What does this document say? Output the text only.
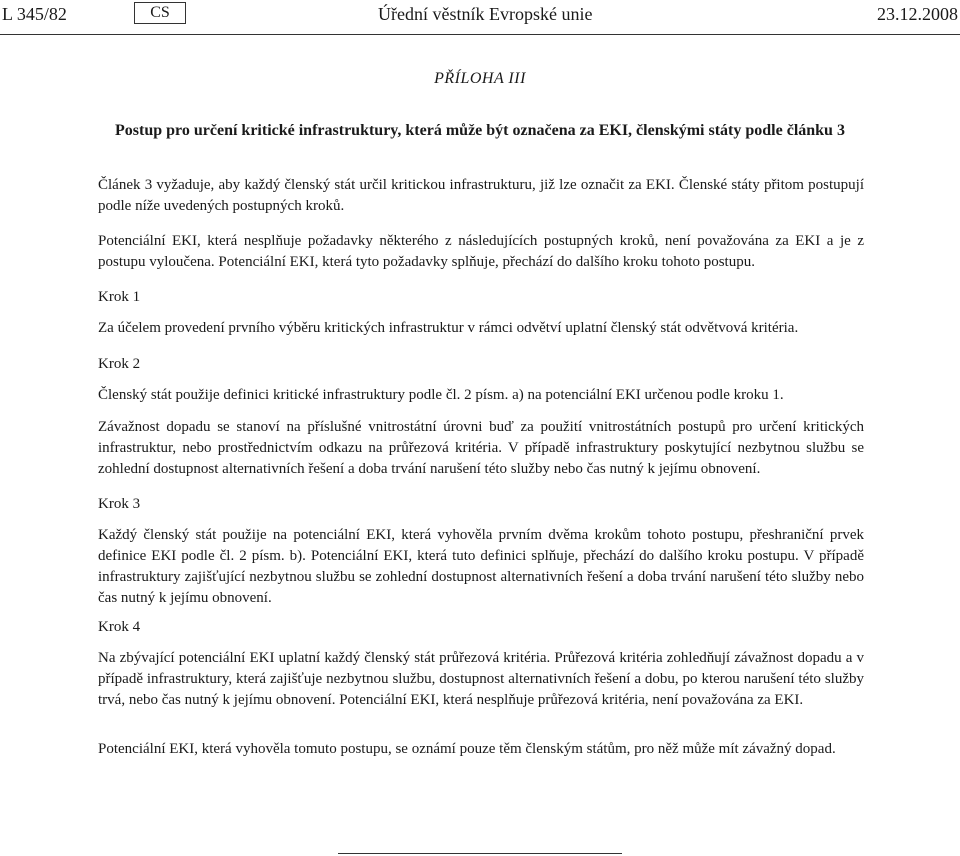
L 345/82	CS	Úřední věstník Evropské unie	23.12.2008
PŘÍLOHA III
Postup pro určení kritické infrastruktury, která může být označena za EKI, členskými státy podle článku 3

Článek 3 vyžaduje, aby každý členský stát určil kritickou infrastrukturu, již lze označit za EKI. Členské státy přitom postupují podle níže uvedených postupných kroků.

Potenciální EKI, která nesplňuje požadavky některého z následujících postupných kroků, není považována za EKI a je z postupu vyloučena. Potenciální EKI, která tyto požadavky splňuje, přechází do dalšího kroku tohoto postupu.

Krok 1

Za účelem provedení prvního výběru kritických infrastruktur v rámci odvětví uplatní členský stát odvětvová kritéria.

Krok 2

Členský stát použije definici kritické infrastruktury podle čl. 2 písm. a) na potenciální EKI určenou podle kroku 1.

Závažnost dopadu se stanoví na příslušné vnitrostátní úrovni buď za použití vnitrostátních postupů pro určení kritických infrastruktur, nebo prostřednictvím odkazu na průřezová kritéria. V případě infrastruktury poskytující nezbytnou službu se zohlední dostupnost alternativních řešení a doba trvání narušení této služby nebo čas nutný k jejímu obnovení.

Krok 3

Každý členský stát použije na potenciální EKI, která vyhověla prvním dvěma krokům tohoto postupu, přeshraniční prvek definice EKI podle čl. 2 písm. b). Potenciální EKI, která tuto definici splňuje, přechází do dalšího kroku postupu. V případě infrastruktury zajišťující nezbytnou službu se zohlední dostupnost alternativních řešení a doba trvání narušení této služby nebo čas nutný k jejímu obnovení.

Krok 4

Na zbývající potenciální EKI uplatní každý členský stát průřezová kritéria. Průřezová kritéria zohledňují závažnost dopadu a v případě infrastruktury, která zajišťuje nezbytnou službu, dostupnost alternativních řešení a dobu, po kterou narušení této služby trvá, nebo čas nutný k jejímu obnovení. Potenciální EKI, která nesplňuje průřezová kritéria, není považována za EKI.

Potenciální EKI, která vyhověla tomuto postupu, se oznámí pouze těm členským státům, pro něž může mít závažný dopad.
